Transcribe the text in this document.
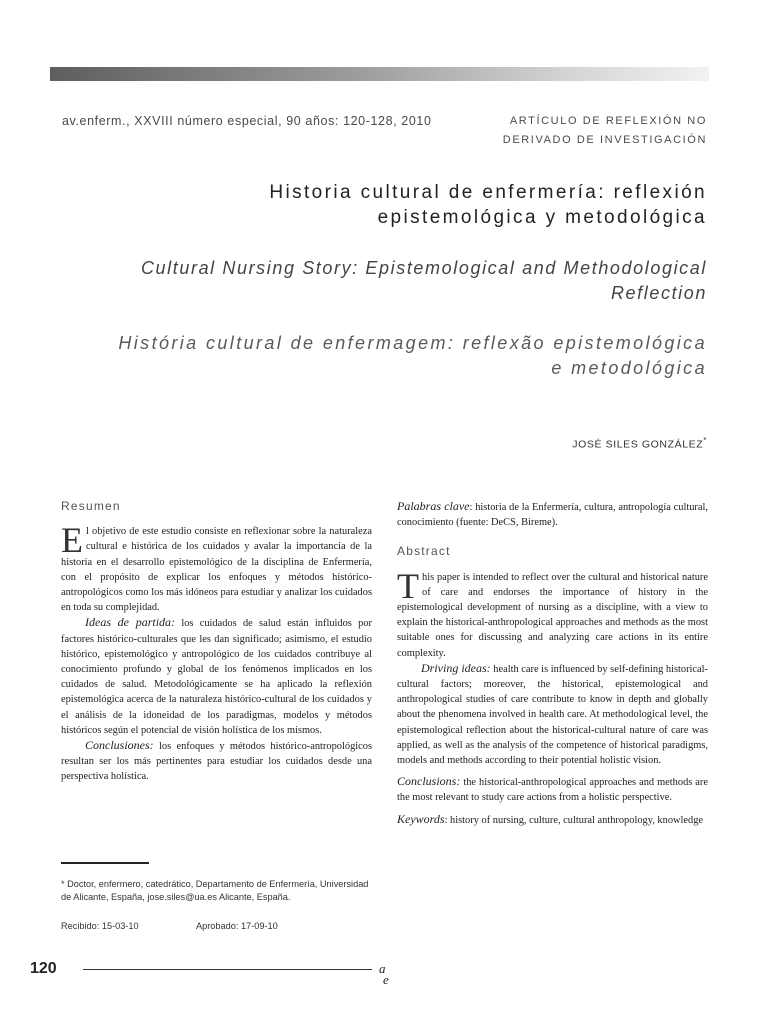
av.enferm., XXVIII número especial, 90 años: 120-128, 2010	ARTÍCULO DE REFLEXIÓN NO
DERIVADO DE INVESTIGACIÓN
Historia cultural de enfermería: reflexión epistemológica y metodológica
Cultural Nursing Story: Epistemological and Methodological Reflection
História cultural de enfermagem: reflexão epistemológica e metodológica
JOSÉ SILES GONZÁLEZ*
Resumen

El objetivo de este estudio consiste en reflexionar sobre la naturaleza cultural e histórica de los cuidados y avalar la importancia de la historia en el desarrollo epistemológico de la disciplina de Enfermería, con el propósito de explicar los enfoques y métodos histórico-antropológicos como los más idóneos para estudiar y analizar los cuidados en toda su complejidad.

Ideas de partida: los cuidados de salud están influidos por factores histórico-culturales que les dan significado; asimismo, el estudio histórico, epistemológico y antropológico de los cuidados contribuye al conocimiento profundo y global de los fenómenos implicados en los cuidados de salud. Metodológicamente se ha aplicado la reflexión epistemológica acerca de la naturaleza histórico-cultural de los cuidados y el análisis de la idoneidad de los paradigmas, modelos y métodos históricos según el potencial de visión holística de los mismos.

Conclusiones: los enfoques y métodos histórico-antropológicos resultan ser los más pertinentes para estudiar los cuidados desde una perspectiva holística.

Palabras clave: historia de la Enfermería, cultura, antropología cultural, conocimiento (fuente: DeCS, Bireme).

Abstract

This paper is intended to reflect over the cultural and historical nature of care and endorses the importance of history in the epistemological development of nursing as a discipline, with a view to explain the historical-anthropological approaches and methods as the most suitable ones for discussing and analyzing care actions in its entire complexity.

Driving ideas: health care is influenced by self-defining historical-cultural factors; moreover, the historical, epistemological and anthropological studies of care contribute to know in depth and globally about the phenomena involved in health care. At methodological level, the epistemological reflection about the historical-cultural nature of care was applied, as well as the analysis of the competence of historical paradigms, models and methods according to their potential holistic vision.

Conclusions: the historical-anthropological approaches and methods are the most relevant to study care actions from a holistic perspective.

Keywords: history of nursing, culture, cultural anthropology, knowledge

* Doctor, enfermero, catedrático, Departamento de Enfermería, Universidad de Alicante, España, jose.siles@ua.es Alicante, España.
Recibido: 15-03-10	Aprobado: 17-09-10
120	a
e
